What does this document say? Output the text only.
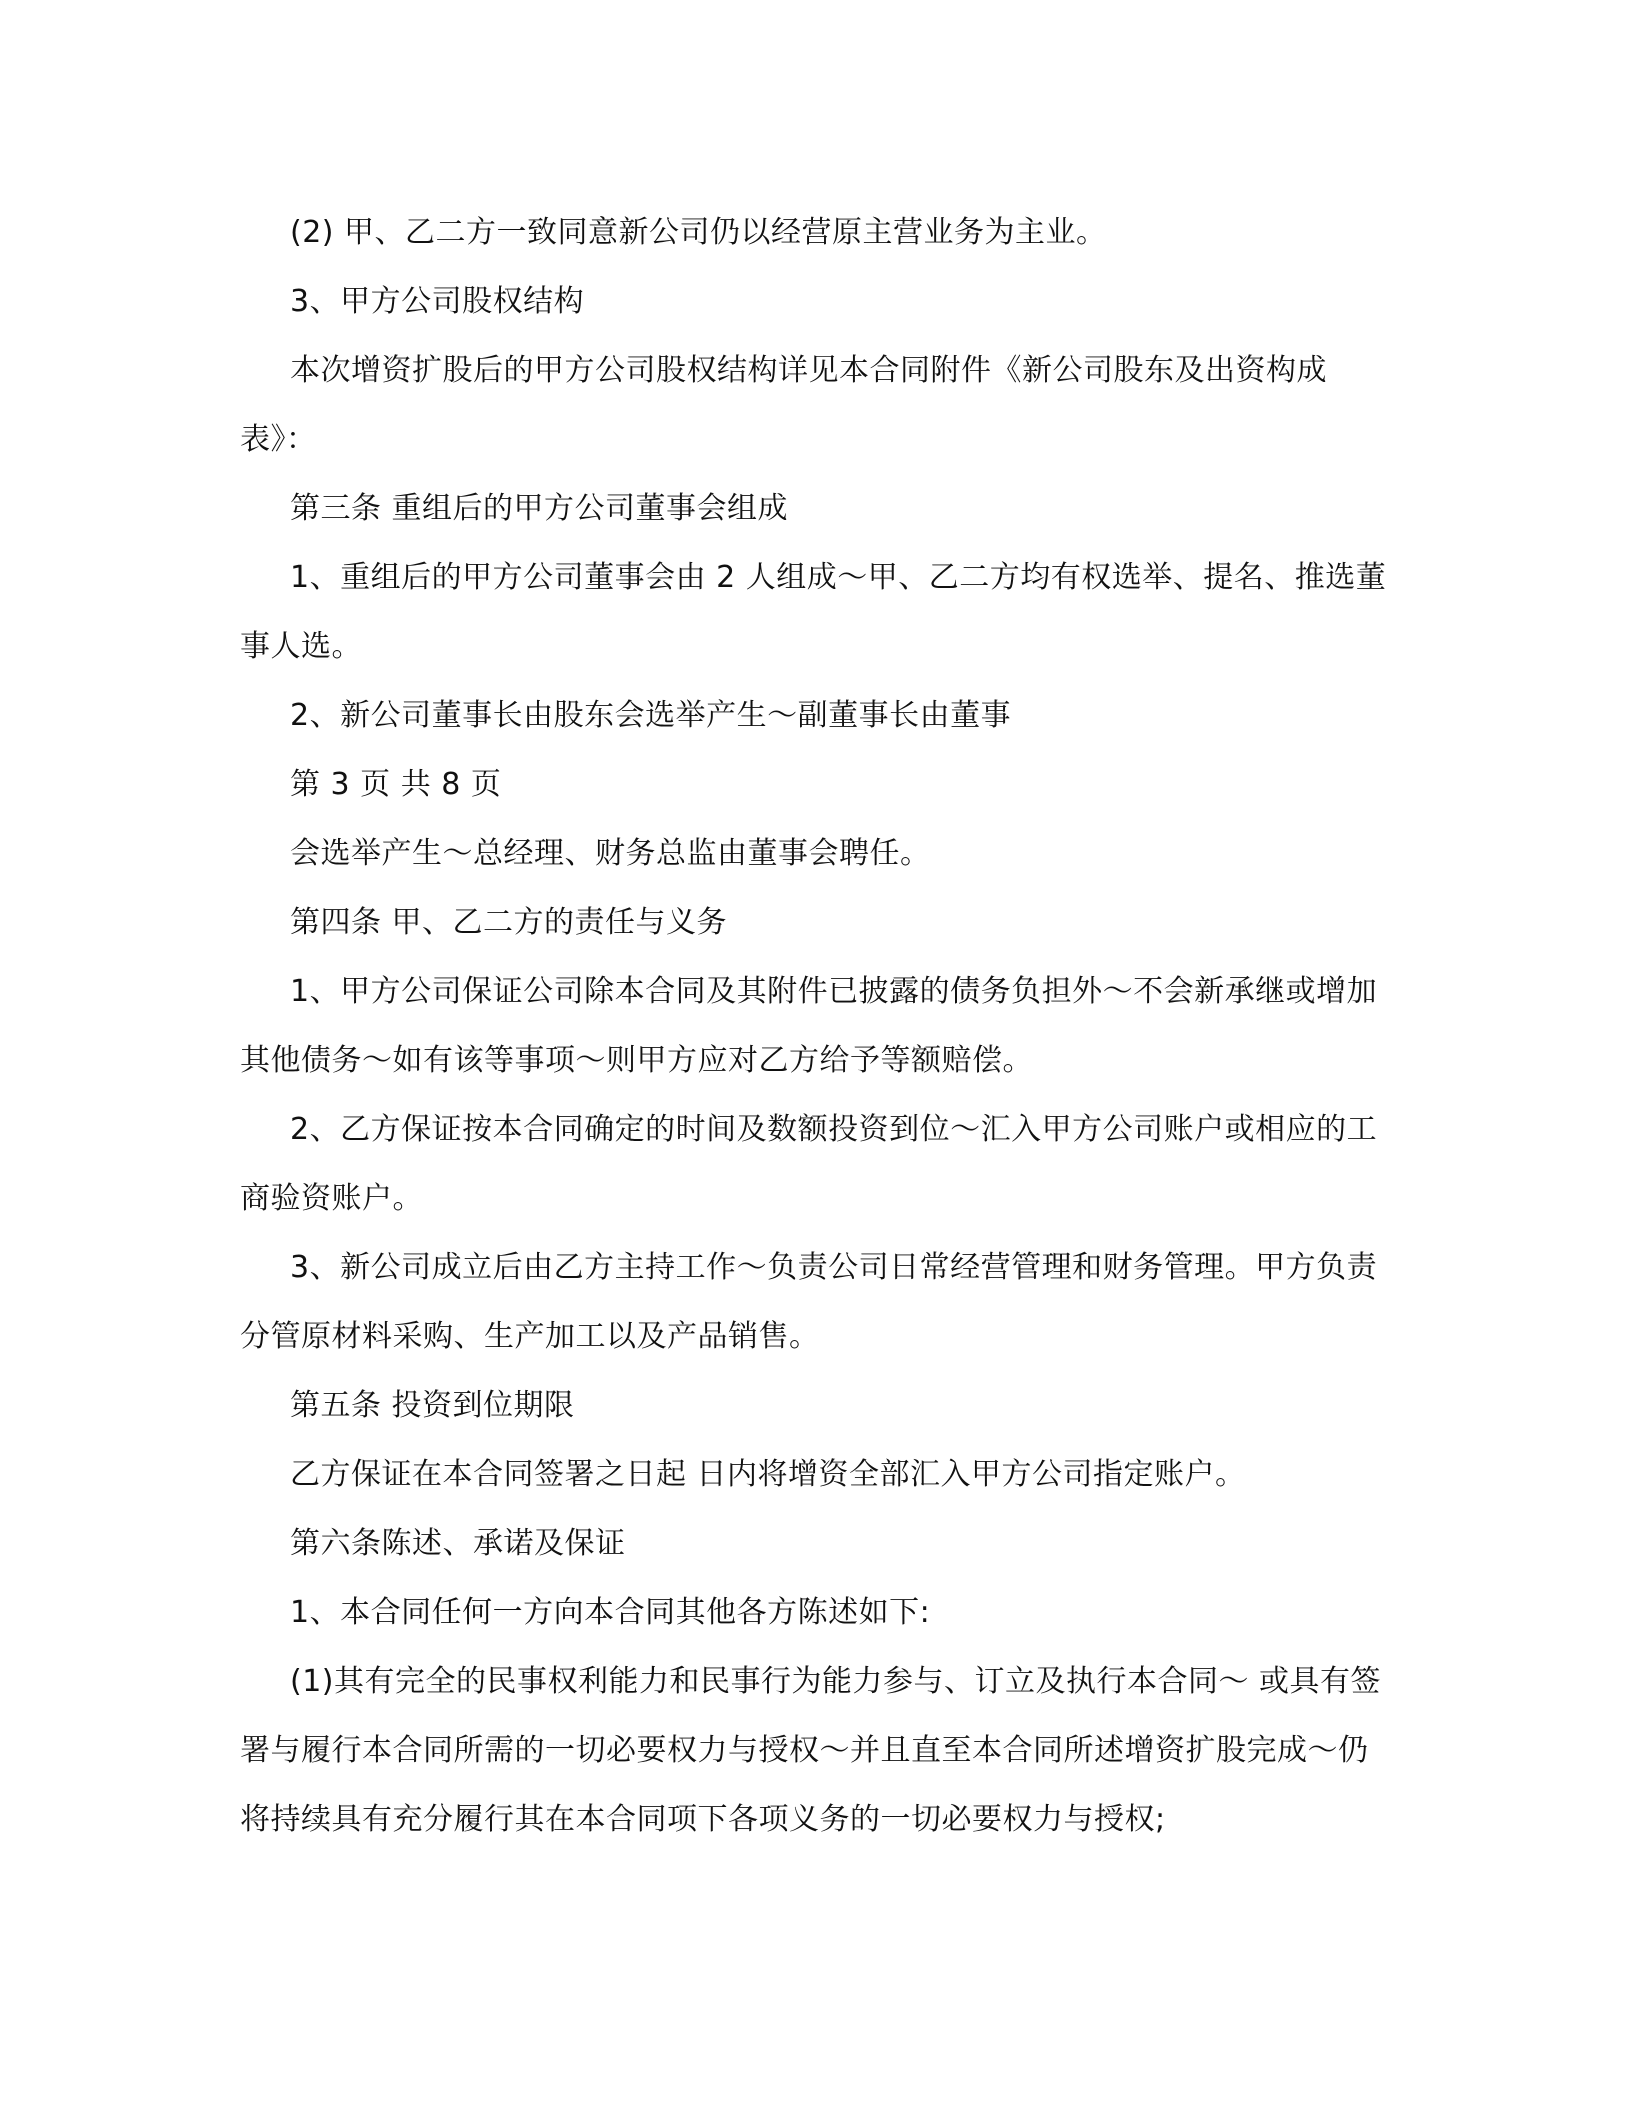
(2) 甲、乙二方一致同意新公司仍以经营原主营业务为主业。

3、甲方公司股权结构

本次增资扩股后的甲方公司股权结构详见本合同附件《新公司股东及出资构成表》：

第三条 重组后的甲方公司董事会组成

1、重组后的甲方公司董事会由 2 人组成～甲、乙二方均有权选举、提名、推选董事人选。

2、新公司董事长由股东会选举产生～副董事长由董事

第 3 页 共 8 页

会选举产生～总经理、财务总监由董事会聘任。

第四条 甲、乙二方的责任与义务

1、甲方公司保证公司除本合同及其附件已披露的债务负担外～不会新承继或增加其他债务～如有该等事项～则甲方应对乙方给予等额赔偿。

2、乙方保证按本合同确定的时间及数额投资到位～汇入甲方公司账户或相应的工商验资账户。

3、新公司成立后由乙方主持工作～负责公司日常经营管理和财务管理。甲方负责分管原材料采购、生产加工以及产品销售。

第五条 投资到位期限

乙方保证在本合同签署之日起 日内将增资全部汇入甲方公司指定账户。

第六条陈述、承诺及保证

1、本合同任何一方向本合同其他各方陈述如下:

(1)其有完全的民事权利能力和民事行为能力参与、订立及执行本合同～ 或具有签署与履行本合同所需的一切必要权力与授权～并且直至本合同所述增资扩股完成～仍将持续具有充分履行其在本合同项下各项义务的一切必要权力与授权;
